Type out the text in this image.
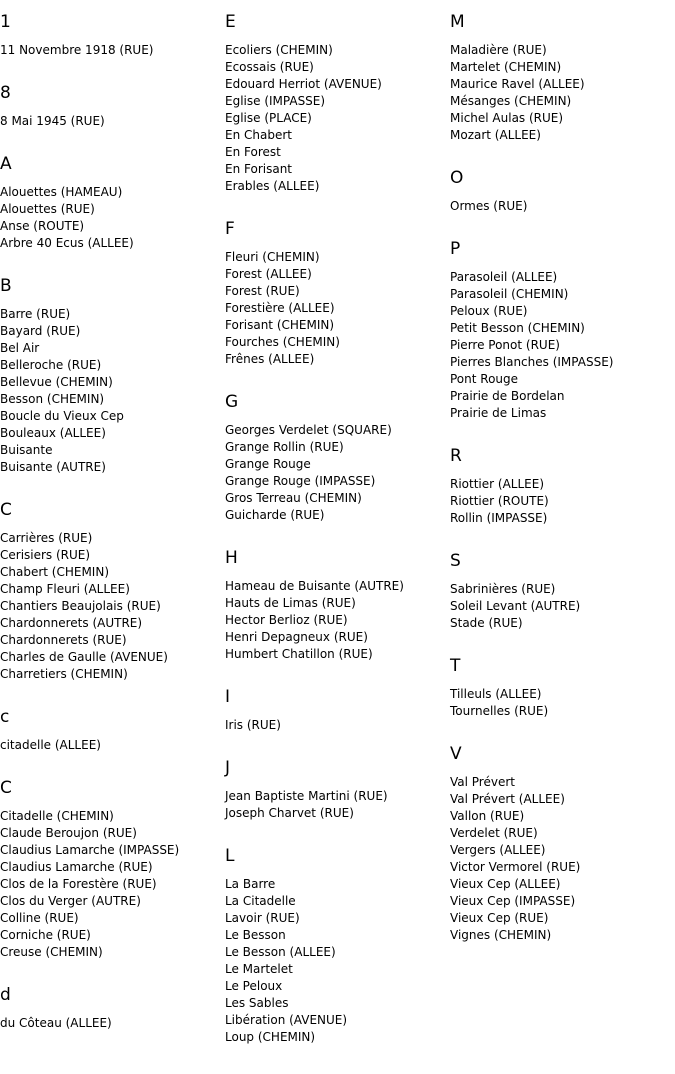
1
11 Novembre 1918 (RUE)
8
8 Mai 1945 (RUE)
A
Alouettes (HAMEAU)
Alouettes (RUE)
Anse (ROUTE)
Arbre 40 Ecus (ALLEE)
B
Barre (RUE)
Bayard (RUE)
Bel Air
Belleroche (RUE)
Bellevue (CHEMIN)
Besson (CHEMIN)
Boucle du Vieux Cep
Bouleaux (ALLEE)
Buisante
Buisante (AUTRE)
C
Carrières (RUE)
Cerisiers (RUE)
Chabert (CHEMIN)
Champ Fleuri (ALLEE)
Chantiers Beaujolais (RUE)
Chardonnerets (AUTRE)
Chardonnerets (RUE)
Charles de Gaulle (AVENUE)
Charretiers (CHEMIN)
c
citadelle (ALLEE)
C
Citadelle (CHEMIN)
Claude Beroujon (RUE)
Claudius Lamarche (IMPASSE)
Claudius Lamarche (RUE)
Clos de la Forestère (RUE)
Clos du Verger (AUTRE)
Colline (RUE)
Corniche (RUE)
Creuse (CHEMIN)
d
du Côteau (ALLEE)
E
Ecoliers (CHEMIN)
Ecossais (RUE)
Edouard Herriot (AVENUE)
Eglise (IMPASSE)
Eglise (PLACE)
En Chabert
En Forest
En Forisant
Erables (ALLEE)
F
Fleuri (CHEMIN)
Forest (ALLEE)
Forest (RUE)
Forestière (ALLEE)
Forisant (CHEMIN)
Fourches (CHEMIN)
Frênes (ALLEE)
G
Georges Verdelet (SQUARE)
Grange Rollin (RUE)
Grange Rouge
Grange Rouge (IMPASSE)
Gros Terreau (CHEMIN)
Guicharde (RUE)
H
Hameau de Buisante (AUTRE)
Hauts de Limas (RUE)
Hector Berlioz (RUE)
Henri Depagneux (RUE)
Humbert Chatillon (RUE)
I
Iris (RUE)
J
Jean Baptiste Martini (RUE)
Joseph Charvet (RUE)
L
La Barre
La Citadelle
Lavoir (RUE)
Le Besson
Le Besson (ALLEE)
Le Martelet
Le Peloux
Les Sables
Libération (AVENUE)
Loup (CHEMIN)
M
Maladière (RUE)
Martelet (CHEMIN)
Maurice Ravel (ALLEE)
Mésanges (CHEMIN)
Michel Aulas (RUE)
Mozart (ALLEE)
O
Ormes (RUE)
P
Parasoleil (ALLEE)
Parasoleil (CHEMIN)
Peloux (RUE)
Petit Besson (CHEMIN)
Pierre Ponot (RUE)
Pierres Blanches (IMPASSE)
Pont Rouge
Prairie de Bordelan
Prairie de Limas
R
Riottier (ALLEE)
Riottier (ROUTE)
Rollin (IMPASSE)
S
Sabrinières (RUE)
Soleil Levant (AUTRE)
Stade (RUE)
T
Tilleuls (ALLEE)
Tournelles (RUE)
V
Val Prévert
Val Prévert (ALLEE)
Vallon (RUE)
Verdelet (RUE)
Vergers (ALLEE)
Victor Vermorel (RUE)
Vieux Cep (ALLEE)
Vieux Cep (IMPASSE)
Vieux Cep (RUE)
Vignes (CHEMIN)
